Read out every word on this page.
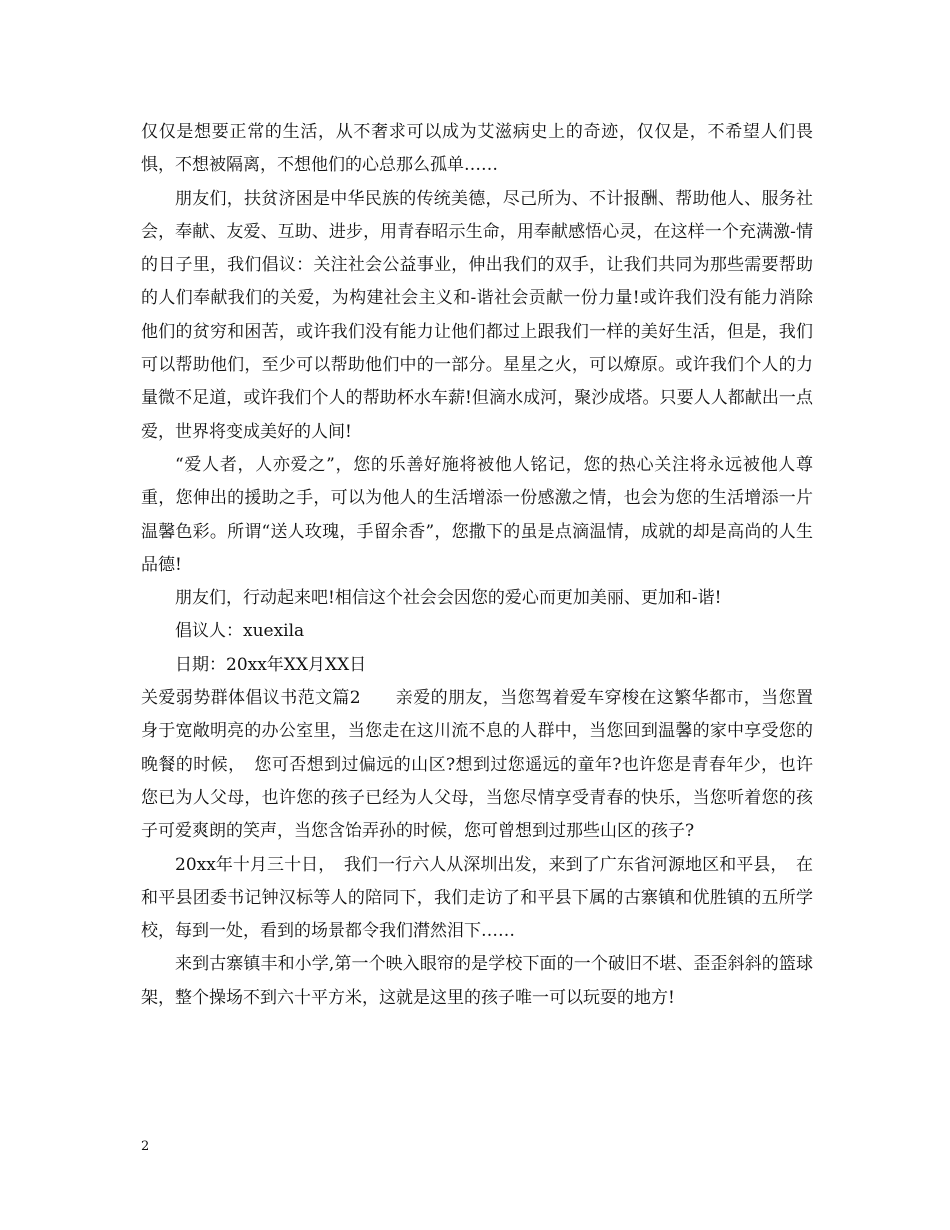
仅仅是想要正常的生活，从不奢求可以成为艾滋病史上的奇迹，仅仅是，不希望人们畏惧，不想被隔离，不想他们的心总那么孤单……

朋友们，扶贫济困是中华民族的传统美德，尽己所为、不计报酬、帮助他人、服务社会，奉献、友爱、互助、进步，用青春昭示生命，用奉献感悟心灵，在这样一个充满激-情的日子里，我们倡议：关注社会公益事业，伸出我们的双手，让我们共同为那些需要帮助的人们奉献我们的关爱，为构建社会主义和-谐社会贡献一份力量!或许我们没有能力消除他们的贫穷和困苦，或许我们没有能力让他们都过上跟我们一样的美好生活，但是，我们可以帮助他们，至少可以帮助他们中的一部分。星星之火，可以燎原。或许我们个人的力量微不足道，或许我们个人的帮助杯水车薪!但滴水成河，聚沙成塔。只要人人都献出一点爱，世界将变成美好的人间!

“爱人者，人亦爱之”，您的乐善好施将被他人铭记，您的热心关注将永远被他人尊重，您伸出的援助之手，可以为他人的生活增添一份感激之情，也会为您的生活增添一片温馨色彩。所谓“送人玫瑰，手留余香”，您撒下的虽是点滴温情，成就的却是高尚的人生品德!

朋友们，行动起来吧!相信这个社会会因您的爱心而更加美丽、更加和-谐!

倡议人：xuexila

日期：20xx年XX月XX日

关爱弱势群体倡议书范文篇2　　亲爱的朋友，当您驾着爱车穿梭在这繁华都市，当您置身于宽敞明亮的办公室里，当您走在这川流不息的人群中，当您回到温馨的家中享受您的晚餐的时候，　您可否想到过偏远的山区?想到过您遥远的童年?也许您是青春年少，也许您已为人父母，也许您的孩子已经为人父母，当您尽情享受青春的快乐，当您听着您的孩子可爱爽朗的笑声，当您含饴弄孙的时候，您可曾想到过那些山区的孩子?

20xx年十月三十日，　我们一行六人从深圳出发，来到了广东省河源地区和平县，　在和平县团委书记钟汉标等人的陪同下，我们走访了和平县下属的古寨镇和优胜镇的五所学校，每到一处，看到的场景都令我们潸然泪下……

来到古寨镇丰和小学,第一个映入眼帘的是学校下面的一个破旧不堪、歪歪斜斜的篮球架，整个操场不到六十平方米，这就是这里的孩子唯一可以玩耍的地方!

2
